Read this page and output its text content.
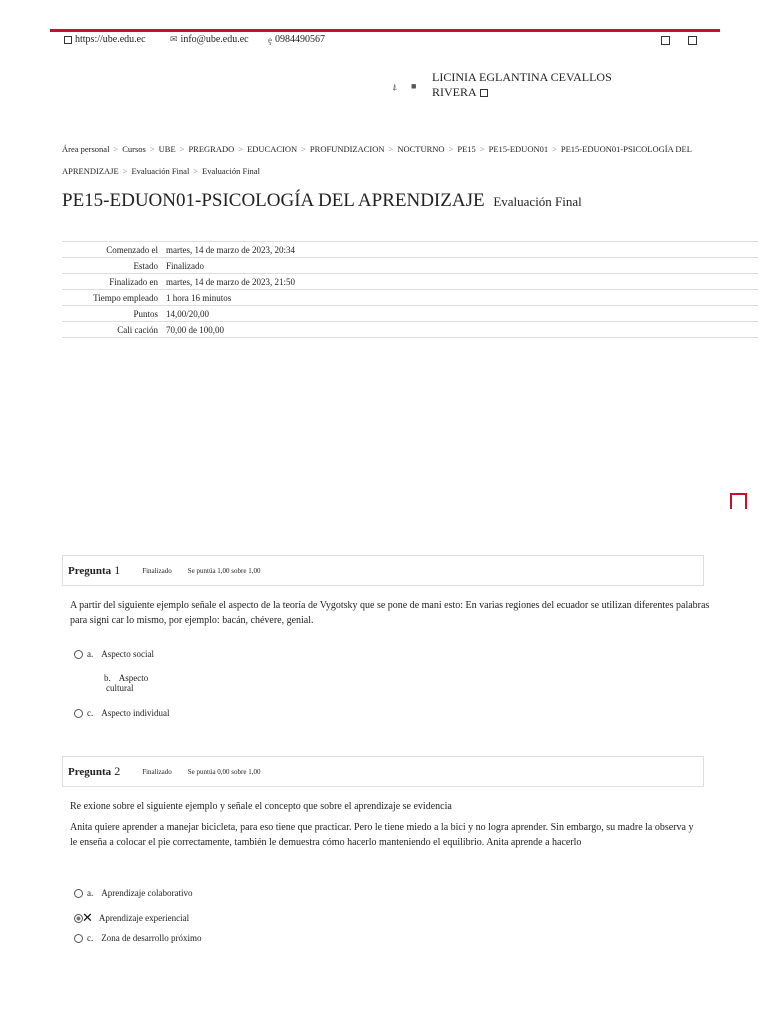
https://ube.edu.ec	✉ info@ube.edu.ec ȩ 0984490567
⍋ ■
LICINIA EGLANTINA CEVALLOS
RIVERA
Área personal > Cursos > UBE > PREGRADO > EDUCACION > PROFUNDIZACION > NOCTURNO > PE15 > PE15-EDUON01 > PE15-EDUON01-PSICOLOGÍA DEL APRENDIZAJE > Evaluación Final > Evaluación Final
PE15-EDUON01-PSICOLOGÍA DEL APRENDIZAJE Evaluación Final
Comenzado el	martes, 14 de marzo de 2023, 20:34
Estado	Finalizado
Finalizado en	martes, 14 de marzo de 2023, 21:50
Tiempo empleado	1 hora 16 minutos
Puntos	14,00/20,00
Cali cación	70,00 de 100,00
Pregunta 1	Finalizado Se puntúa 1,00 sobre 1,00
A partir del siguiente ejemplo señale el aspecto de la teoría de Vygotsky que se pone de mani esto: En varias regiones del ecuador se utilizan diferentes palabras para signi car lo mismo, por ejemplo: bacán, chévere, genial.
a. Aspecto social
b. Aspecto
cultural
c. Aspecto individual
Pregunta 2	Finalizado Se puntúa 0,00 sobre 1,00
Re exione sobre el siguiente ejemplo y señale el concepto que sobre el aprendizaje se evidencia
Anita quiere aprender a manejar bicicleta, para eso tiene que practicar. Pero le tiene miedo a la bici y no logra aprender. Sin embargo, su madre la observa y le enseña a colocar el pie correctamente, también le demuestra cómo hacerlo manteniendo el equilibrio. Anita aprende a hacerlo
a. Aprendizaje colaborativo
✕ Aprendizaje experiencial
c. Zona de desarrollo próximo
